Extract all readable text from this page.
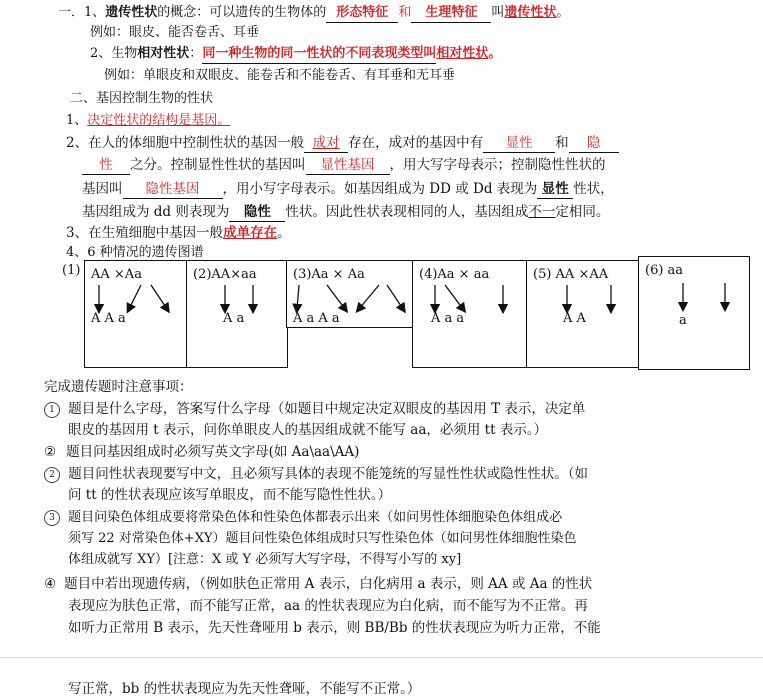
一．1、遗传性状的概念：可以遗传的生物体的 形态特征 和 生理特征 叫遗传性状。
例如：眼皮、能否卷舌、耳垂
2、生物相对性状：同一种生物的同一性状的不同表现类型叫相对性状。
例如：单眼皮和双眼皮、能卷舌和不能卷舌、有耳垂和无耳垂
二、基因控制生物的性状
1、决定性状的结构是基因。
2、在人的体细胞中控制性状的基因一般 成对 存在，成对的基因中有 显性 和 隐
性 之分。控制显性性状的基因叫 显性基因 ，用大写字母表示；控制隐性性状的
基因叫 隐性基因 ，用小写字母表示。如基因组成为 DD 或 Dd 表现为 显性 性状，
基因组成为 dd 则表现为 隐性 性状。因此性状表现相同的人，基因组成不一定相同。
3、在生殖细胞中基因一般成单存在。
4、6 种情况的遗传图谱
(1) AA ×Aa
A A a
(2)AA×aa
A a
(3)Aa × Aa
A a A a
(4)Aa × aa
A a a
(5) AA ×AA
A A
(6) aa
a
完成遗传题时注意事项：
1 题目是什么字母，答案写什么字母（如题目中规定决定双眼皮的基因用 T 表示，决定单
眼皮的基因用 t 表示，问你单眼皮人的基因组成就不能写 aa，必须用 tt 表示。）
② 题目问基因组成时必须写英文字母(如 Aa\aa\AA)
2 题目问性状表现要写中文，且必须写具体的表现不能笼统的写显性性状或隐性性状。（如
问 tt 的性状表现应该写单眼皮，而不能写隐性性状。）
3 题目问染色体组成要将常染色体和性染色体都表示出来（如问男性体细胞染色体组成必
须写 22 对常染色体+XY）题目问性染色体组成时只写性染色体（如问男性体细胞性染色
体组成就写 XY）[注意：X 或 Y 必须写大写字母，不得写小写的 xy]
④ 题目中若出现遗传病，（例如肤色正常用 A 表示，白化病用 a 表示，则 AA 或 Aa 的性状
表现应为肤色正常，而不能写正常，aa 的性状表现应为白化病，而不能写为不正常。再
如听力正常用 B 表示，先天性聋哑用 b 表示，则 BB/Bb 的性状表现应为听力正常，不能
写正常，bb 的性状表现应为先天性聋哑，不能写不正常。）
